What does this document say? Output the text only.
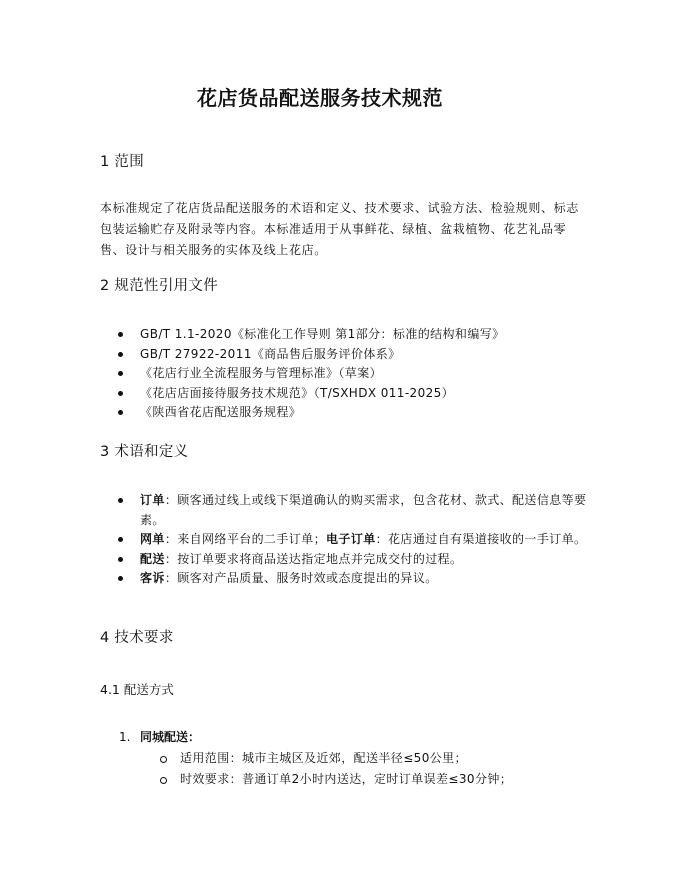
花店货品配送服务技术规范
1 范围

本标准规定了花店货品配送服务的术语和定义、技术要求、试验方法、检验规则、标志包装运输贮存及附录等内容。本标准适用于从事鲜花、绿植、盆栽植物、花艺礼品零售、设计与相关服务的实体及线上花店。

2 规范性引用文件
GB/T 1.1-2020《标准化工作导则 第1部分：标准的结构和编写》
GB/T 27922-2011《商品售后服务评价体系》
《花店行业全流程服务与管理标准》（草案）
《花店店面接待服务技术规范》（T/SXHDX 011-2025）
《陕西省花店配送服务规程》
3 术语和定义
订单：顾客通过线上或线下渠道确认的购买需求，包含花材、款式、配送信息等要素。
网单：来自网络平台的二手订单；电子订单：花店通过自有渠道接收的一手订单。
配送：按订单要求将商品送达指定地点并完成交付的过程。
客诉：顾客对产品质量、服务时效或态度提出的异议。
4 技术要求
4.1 配送方式
1. 同城配送：
适用范围：城市主城区及近郊，配送半径≤50公里；
时效要求：普通订单2小时内送达，定时订单误差≤30分钟；
